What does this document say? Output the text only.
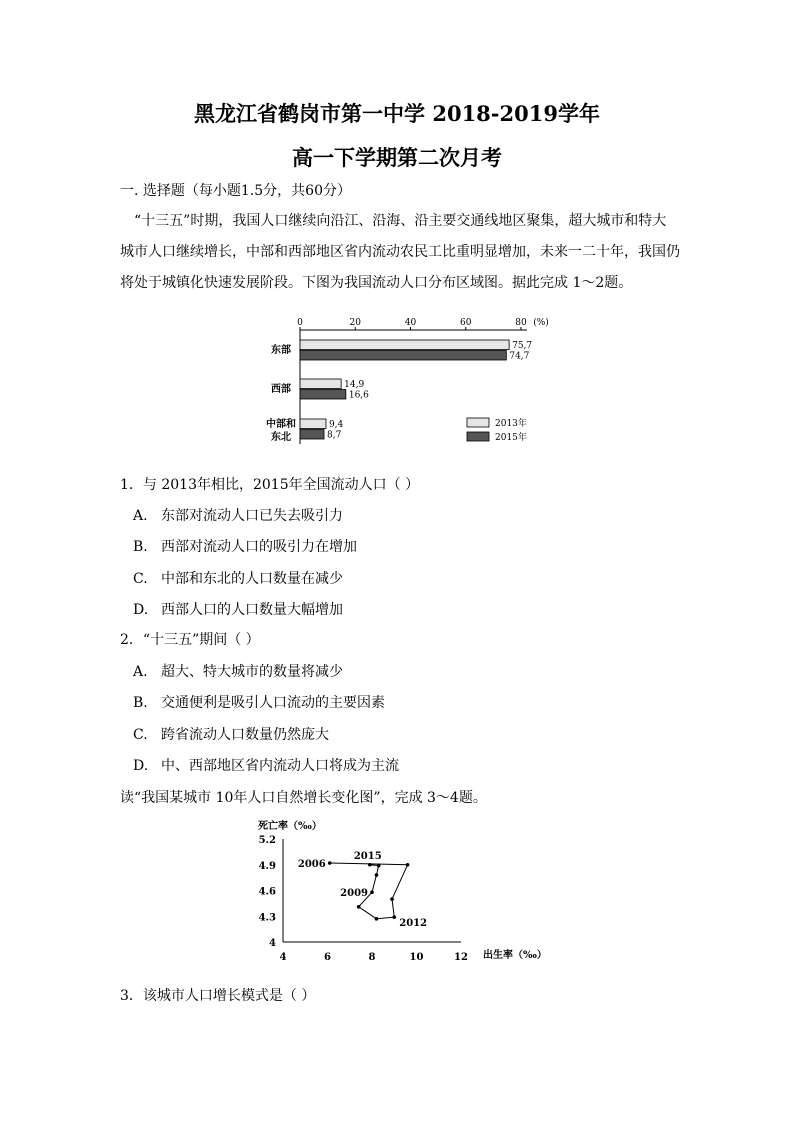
黑龙江省鹤岗市第一中学 2018-2019学年
高一下学期第二次月考
一. 选择题（每小题1.5分，共60分）
“十三五”时期，我国人口继续向沿江、沿海、沿主要交通线地区聚集，超大城市和特大城市人口继续增长，中部和西部地区省内流动农民工比重明显增加，未来一二十年，我国仍将处于城镇化快速发展阶段。下图为我国流动人口分布区域图。据此完成 1～2题。
0	20	40	60	80 (%)
东部	75,7
74,7
西部	14,9
16,6
中部和
东北
9,4
8,7
2013年
2015年
1．与 2013年相比，2015年全国流动人口（ ）
A. 东部对流动人口已失去吸引力
B. 西部对流动人口的吸引力在增加
C. 中部和东北的人口数量在减少
D. 西部人口的人口数量大幅增加
2．“十三五”期间（ ）
A. 超大、特大城市的数量将减少
B. 交通便利是吸引人口流动的主要因素
C. 跨省流动人口数量仍然庞大
D. 中、西部地区省内流动人口将成为主流
读“我国某城市 10年人口自然增长变化图”，完成 3～4题。
4	6	8	10	12
4
4.3
4.6
4.9
5.2
死亡率（‰）
出生率（‰）
2006
2015
2009
2012
3．该城市人口增长模式是（ ）
